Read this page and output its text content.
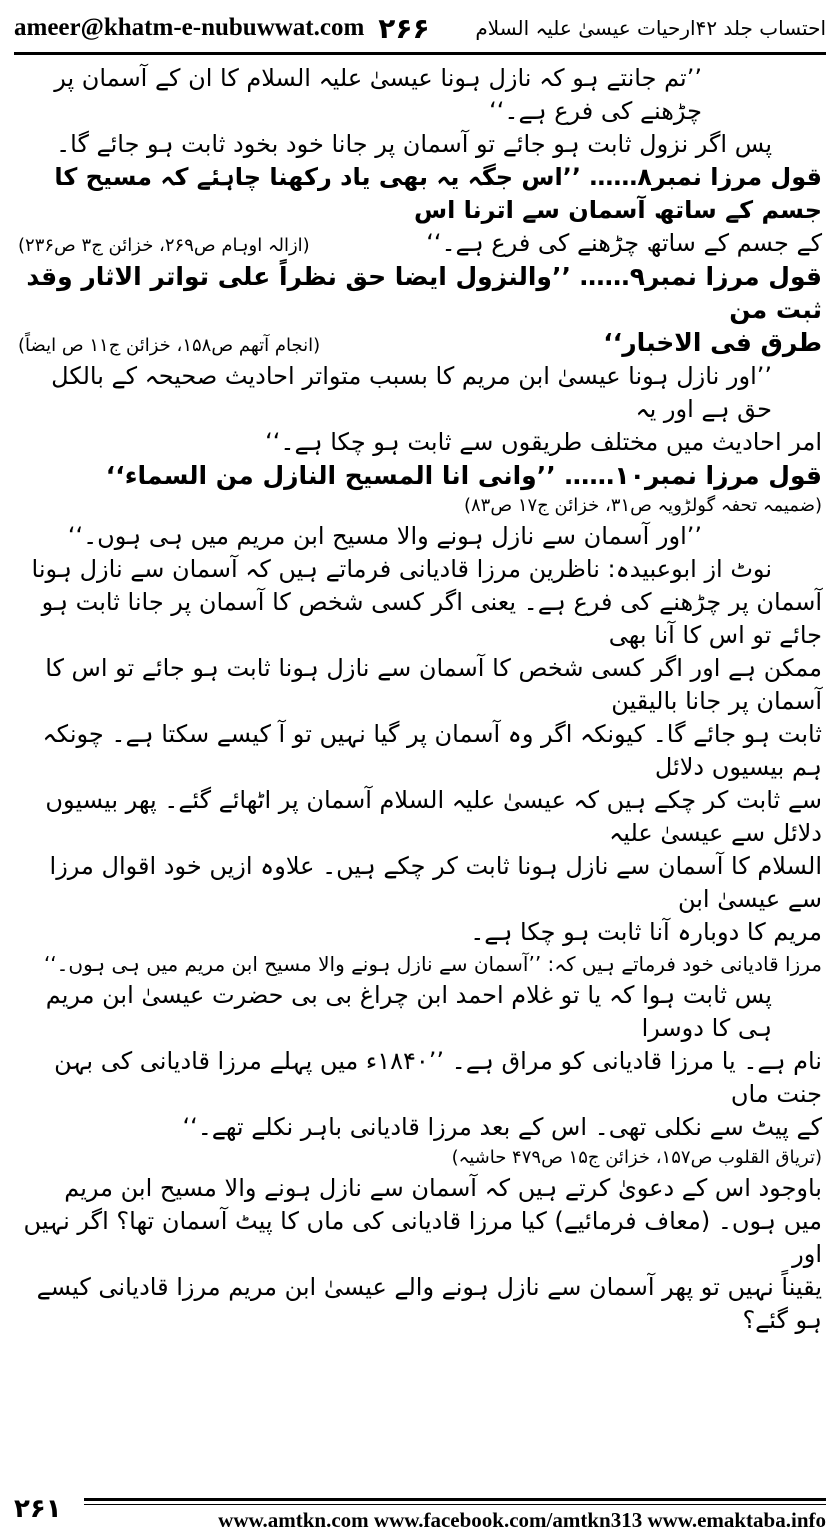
ameer@khatm-e-nubuwwat.com ۲۶۶ احتساب جلد ۴۲ارحیات عیسیٰ علیہ السلام

’’تم جانتے ہو کہ نازل ہونا عیسیٰ علیہ السلام کا ان کے آسمان پر چڑھنے کی فرع ہے۔‘‘

پس اگر نزول ثابت ہو جائے تو آسمان پر جانا خود بخود ثابت ہو جائے گا۔

قول مرزا نمبر۸…… ’’اس جگہ یہ بھی یاد رکھنا چاہئے کہ مسیح کا جسم کے ساتھ آسمان سے اترنا اس

کے جسم کے ساتھ چڑھنے کی فرع ہے۔‘‘
(ازالہ اوہام ص۲۶۹، خزائن ج۳ ص۲۳۶)

قول مرزا نمبر۹…… ’’والنزول ایضا حق نظراً علی تواتر الاثار وقد ثبت من

طرق فی الاخبار‘‘
(انجام آتھم ص۱۵۸، خزائن ج۱۱ ص ایضاً)

’’اور نازل ہونا عیسیٰ ابن مریم کا بسبب متواتر احادیث صحیحہ کے بالکل حق ہے اور یہ

امر احادیث میں مختلف طریقوں سے ثابت ہو چکا ہے۔‘‘

قول مرزا نمبر۱۰…… ’’وانی انا المسیح النازل من السماء‘‘

(ضمیمہ تحفہ گولڑویہ ص۳۱، خزائن ج۱۷ ص۸۳)

’’اور آسمان سے نازل ہونے والا مسیح ابن مریم میں ہی ہوں۔‘‘

نوٹ از ابوعبیدہ: ناظرین مرزا قادیانی فرماتے ہیں کہ آسمان سے نازل ہونا

آسمان پر چڑھنے کی فرع ہے۔ یعنی اگر کسی شخص کا آسمان پر جانا ثابت ہو جائے تو اس کا آنا بھی

ممکن ہے اور اگر کسی شخص کا آسمان سے نازل ہونا ثابت ہو جائے تو اس کا آسمان پر جانا بالیقین

ثابت ہو جائے گا۔ کیونکہ اگر وہ آسمان پر گیا نہیں تو آ کیسے سکتا ہے۔ چونکہ ہم بیسیوں دلائل

سے ثابت کر چکے ہیں کہ عیسیٰ علیہ السلام آسمان پر اٹھائے گئے۔ پھر بیسیوں دلائل سے عیسیٰ علیہ

السلام کا آسمان سے نازل ہونا ثابت کر چکے ہیں۔ علاوہ ازیں خود اقوال مرزا سے عیسیٰ ابن

مریم کا دوبارہ آنا ثابت ہو چکا ہے۔

مرزا قادیانی خود فرماتے ہیں کہ: ’’آسمان سے نازل ہونے والا مسیح ابن مریم میں ہی ہوں۔‘‘

پس ثابت ہوا کہ یا تو غلام احمد ابن چراغ بی بی حضرت عیسیٰ ابن مریم ہی کا دوسرا

نام ہے۔ یا مرزا قادیانی کو مراق ہے۔ ’’۱۸۴۰ء میں پہلے مرزا قادیانی کی بہن جنت ماں

کے پیٹ سے نکلی تھی۔ اس کے بعد مرزا قادیانی باہر نکلے تھے۔‘‘

(تریاق القلوب ص۱۵۷، خزائن ج۱۵ ص۴۷۹ حاشیہ)

باوجود اس کے دعویٰ کرتے ہیں کہ آسمان سے نازل ہونے والا مسیح ابن مریم

میں ہوں۔ (معاف فرمائیے) کیا مرزا قادیانی کی ماں کا پیٹ آسمان تھا؟ اگر نہیں اور

یقیناً نہیں تو پھر آسمان سے نازل ہونے والے عیسیٰ ابن مریم مرزا قادیانی کیسے ہو گئے؟

۲۶۱	www.amtkn.com www.facebook.com/amtkn313 www.emaktaba.info
